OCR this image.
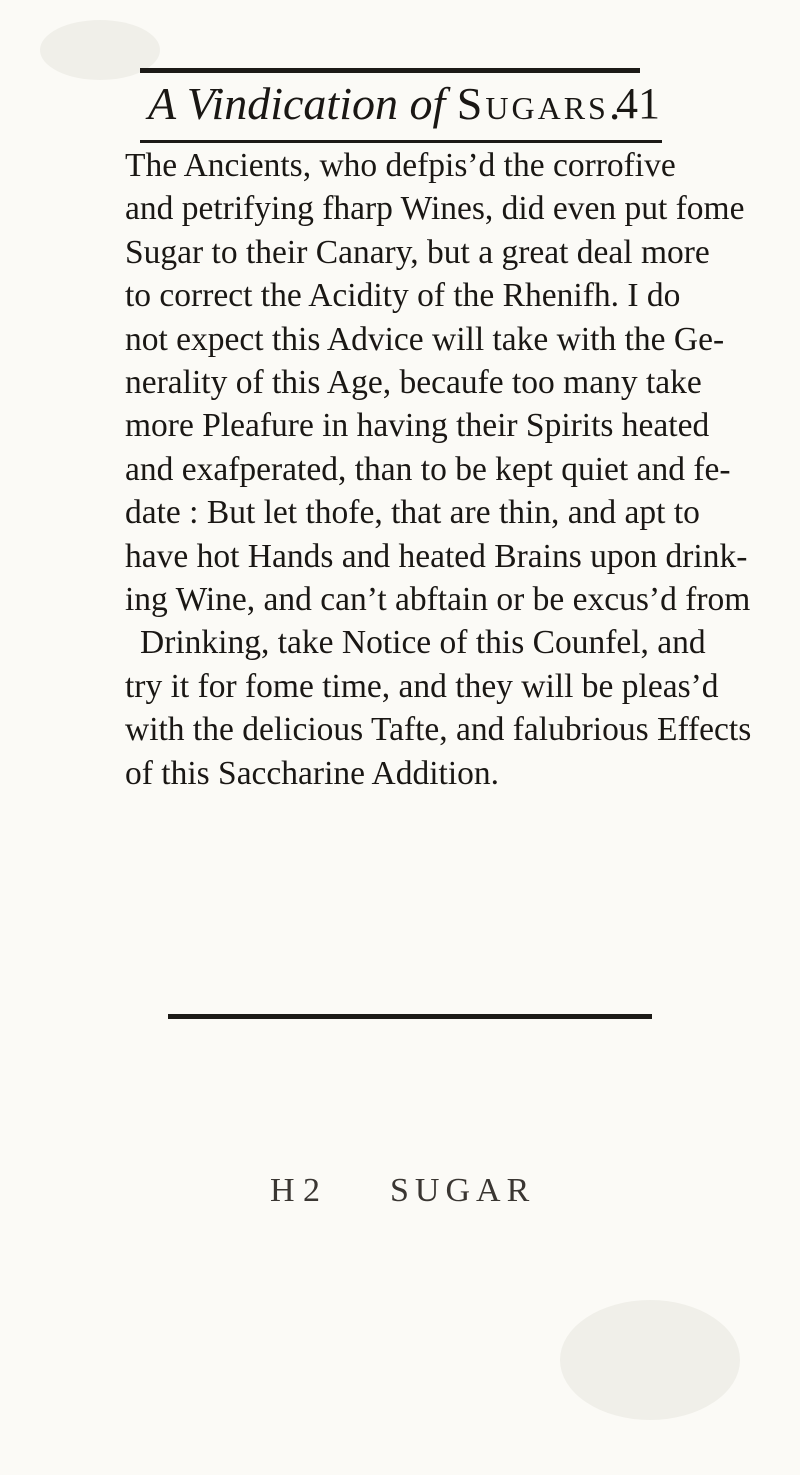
A Vindication of Sugars.
41
The Ancients, who defpis’d the corrofive
and petrifying fharp Wines, did even put fome
Sugar to their Canary, but a great deal more
to correct the Acidity of the Rhenifh. I do
not expect this Advice will take with the Ge-
nerality of this Age, becaufe too many take
more Pleafure in having their Spirits heated
and exafperated, than to be kept quiet and fe-
date : But let thofe, that are thin, and apt to
have hot Hands and heated Brains upon drink-
ing Wine, and can’t abftain or be excus’d from
Drinking, take Notice of this Counfel, and
try it for fome time, and they will be pleas’d
with the delicious Tafte, and falubrious Effects
of this Saccharine Addition.
H 2 SUGAR
